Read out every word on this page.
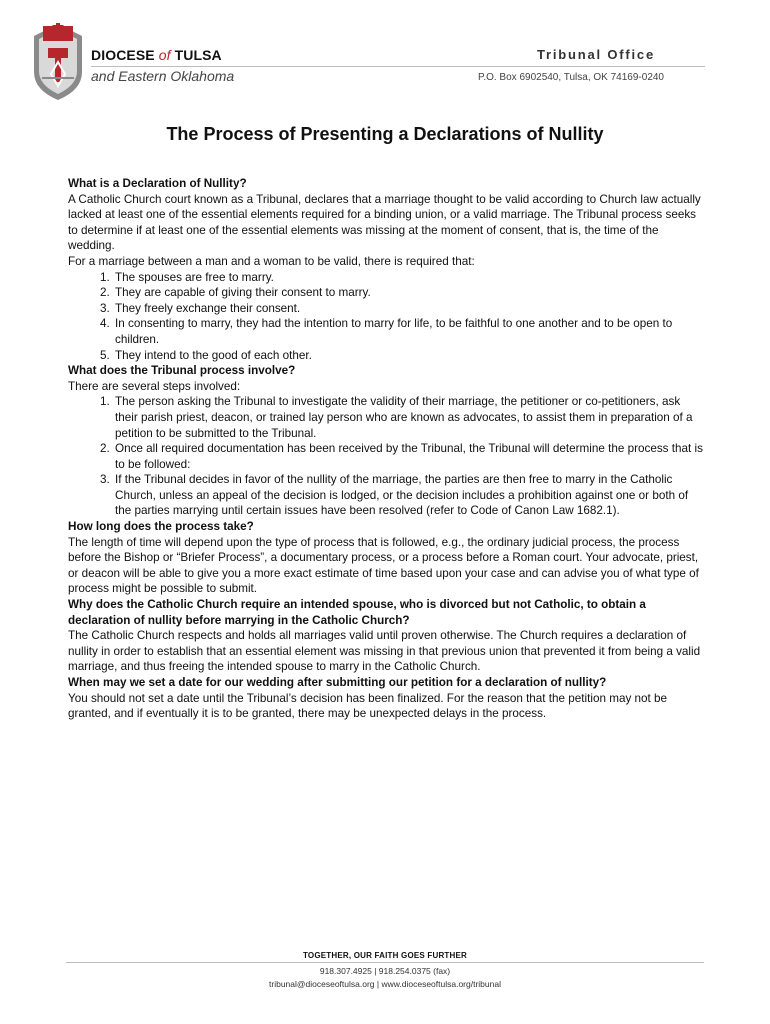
DIOCESE of TULSA
and Eastern Oklahoma
Tribunal Office
P.O. Box 6902540, Tulsa, OK 74169-0240
The Process of Presenting a Declarations of Nullity
What is a Declaration of Nullity?

A Catholic Church court known as a Tribunal, declares that a marriage thought to be valid according to Church law actually lacked at least one of the essential elements required for a binding union, or a valid marriage. The Tribunal process seeks to determine if at least one of the essential elements was missing at the moment of consent, that is, the time of the wedding.

For a marriage between a man and a woman to be valid, there is required that:

1. The spouses are free to marry.
2. They are capable of giving their consent to marry.
3. They freely exchange their consent.
4. In consenting to marry, they had the intention to marry for life, to be faithful to one another and to be open to children.
5. They intend to the good of each other.
What does the Tribunal process involve?

There are several steps involved:

1. The person asking the Tribunal to investigate the validity of their marriage, the petitioner or co-petitioners, ask their parish priest, deacon, or trained lay person who are known as advocates, to assist them in preparation of a petition to be submitted to the Tribunal.
2. Once all required documentation has been received by the Tribunal, the Tribunal will determine the process that is to be followed:
3. If the Tribunal decides in favor of the nullity of the marriage, the parties are then free to marry in the Catholic Church, unless an appeal of the decision is lodged, or the decision includes a prohibition against one or both of the parties marrying until certain issues have been resolved (refer to Code of Canon Law 1682.1).
How long does the process take?

The length of time will depend upon the type of process that is followed, e.g., the ordinary judicial process, the process before the Bishop or “Briefer Process”, a documentary process, or a process before a Roman court. Your advocate, priest, or deacon will be able to give you a more exact estimate of time based upon your case and can advise you of what type of process might be possible to submit.

Why does the Catholic Church require an intended spouse, who is divorced but not Catholic, to obtain a declaration of nullity before marrying in the Catholic Church?

The Catholic Church respects and holds all marriages valid until proven otherwise. The Church requires a declaration of nullity in order to establish that an essential element was missing in that previous union that prevented it from being a valid marriage, and thus freeing the intended spouse to marry in the Catholic Church.

When may we set a date for our wedding after submitting our petition for a declaration of nullity?

You should not set a date until the Tribunal’s decision has been finalized. For the reason that the petition may not be granted, and if eventually it is to be granted, there may be unexpected delays in the process.

TOGETHER, OUR FAITH GOES FURTHER
918.307.4925 | 918.254.0375 (fax)
tribunal@dioceseoftulsa.org | www.dioceseoftulsa.org/tribunal
